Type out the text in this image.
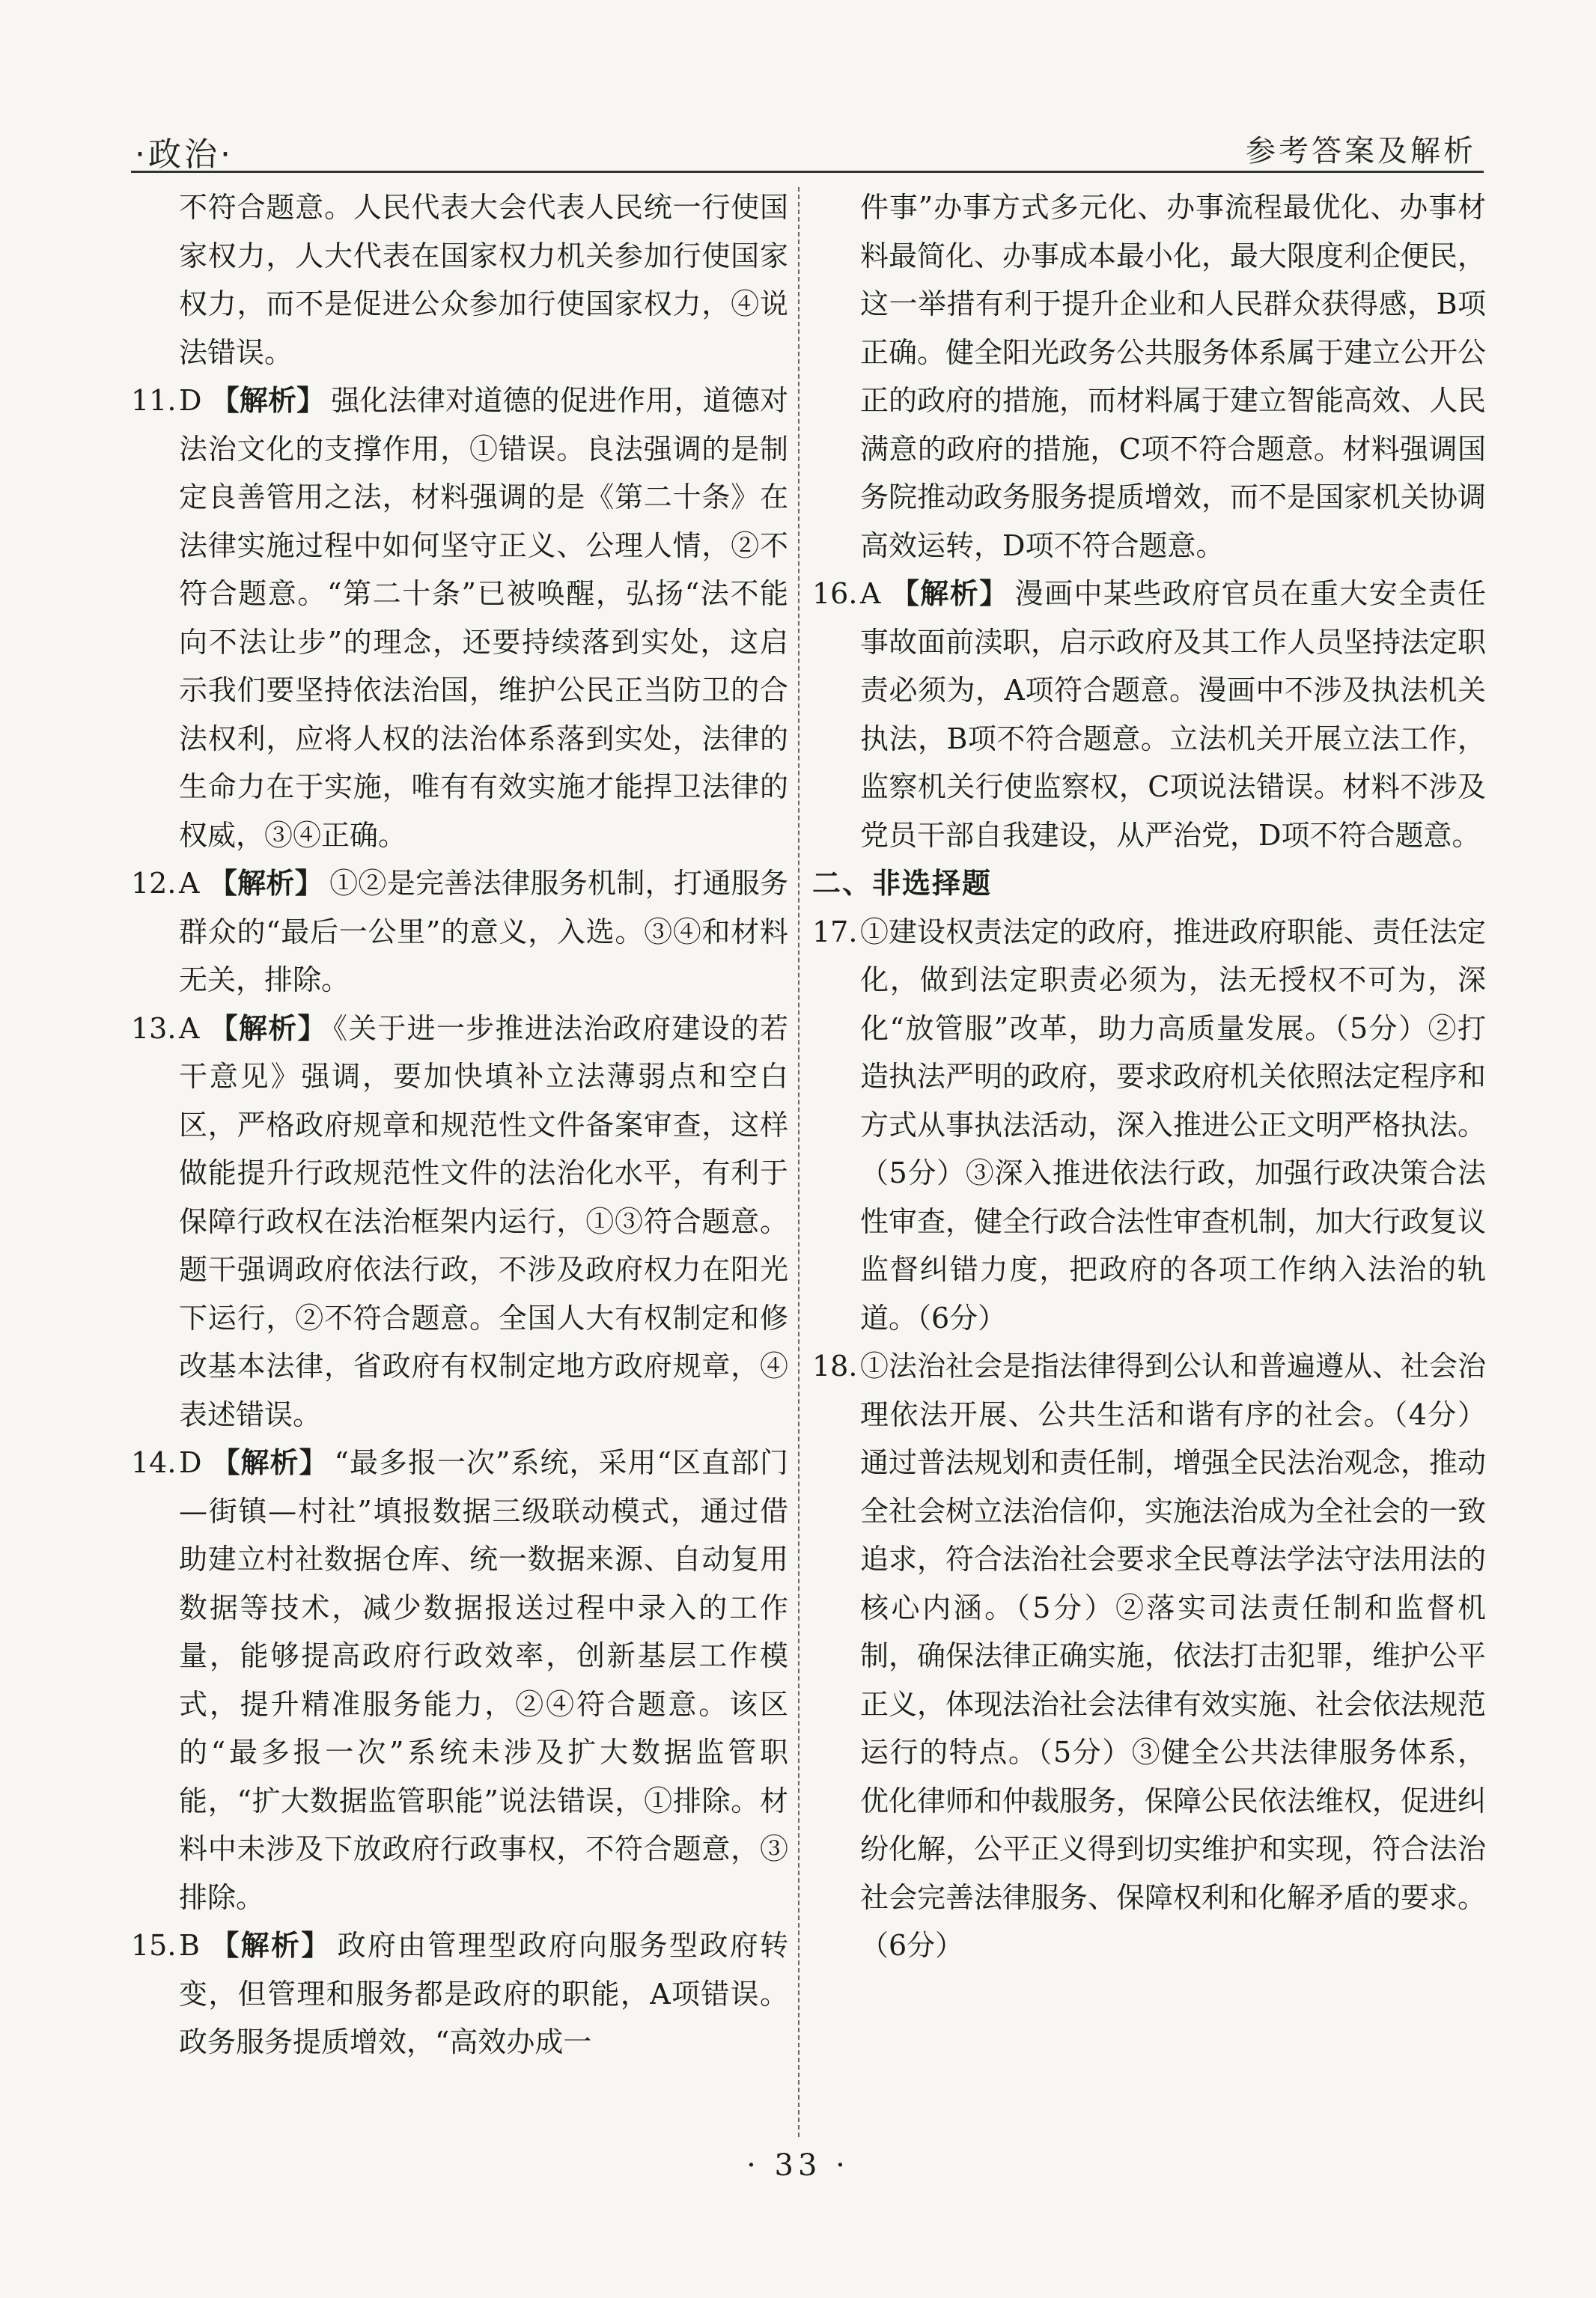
·政治·	参考答案及解析

不符合题意。人民代表大会代表人民统一行使国家权力，人大代表在国家权力机关参加行使国家权力，而不是促进公众参加行使国家权力，④说法错误。

11. D 【解析】 强化法律对道德的促进作用，道德对法治文化的支撑作用，①错误。良法强调的是制定良善管用之法，材料强调的是《第二十条》在法律实施过程中如何坚守正义、公理人情，②不符合题意。“第二十条”已被唤醒，弘扬“法不能向不法让步”的理念，还要持续落到实处，这启示我们要坚持依法治国，维护公民正当防卫的合法权利，应将人权的法治体系落到实处，法律的生命力在于实施，唯有有效实施才能捍卫法律的权威，③④正确。
12. A 【解析】 ①②是完善法律服务机制，打通服务群众的“最后一公里”的意义，入选。③④和材料无关，排除。
13. A 【解析】 《关于进一步推进法治政府建设的若干意见》强调，要加快填补立法薄弱点和空白区，严格政府规章和规范性文件备案审查，这样做能提升行政规范性文件的法治化水平，有利于保障行政权在法治框架内运行，①③符合题意。题干强调政府依法行政，不涉及政府权力在阳光下运行，②不符合题意。全国人大有权制定和修改基本法律，省政府有权制定地方政府规章，④表述错误。
14. D 【解析】 “最多报一次”系统，采用“区直部门—街镇—村社”填报数据三级联动模式，通过借助建立村社数据仓库、统一数据来源、自动复用数据等技术，减少数据报送过程中录入的工作量，能够提高政府行政效率，创新基层工作模式，提升精准服务能力，②④符合题意。该区的“最多报一次”系统未涉及扩大数据监管职能，“扩大数据监管职能”说法错误，①排除。材料中未涉及下放政府行政事权，不符合题意，③排除。
15. B 【解析】 政府由管理型政府向服务型政府转变，但管理和服务都是政府的职能，A项错误。政务服务提质增效，“高效办成一

件事”办事方式多元化、办事流程最优化、办事材料最简化、办事成本最小化，最大限度利企便民，这一举措有利于提升企业和人民群众获得感，B项正确。健全阳光政务公共服务体系属于建立公开公正的政府的措施，而材料属于建立智能高效、人民满意的政府的措施，C项不符合题意。材料强调国务院推动政务服务提质增效，而不是国家机关协调高效运转，D项不符合题意。

16. A 【解析】 漫画中某些政府官员在重大安全责任事故面前渎职，启示政府及其工作人员坚持法定职责必须为，A项符合题意。漫画中不涉及执法机关执法，B项不符合题意。立法机关开展立法工作，监察机关行使监察权，C项说法错误。材料不涉及党员干部自我建设，从严治党，D项不符合题意。

二、非选择题

17. ①建设权责法定的政府，推进政府职能、责任法定化，做到法定职责必须为，法无授权不可为，深化“放管服”改革，助力高质量发展。（5分）②打造执法严明的政府，要求政府机关依照法定程序和方式从事执法活动，深入推进公正文明严格执法。（5分）③深入推进依法行政，加强行政决策合法性审查，健全行政合法性审查机制，加大行政复议监督纠错力度，把政府的各项工作纳入法治的轨道。（6分）
18. ①法治社会是指法律得到公认和普遍遵从、社会治理依法开展、公共生活和谐有序的社会。（4分）通过普法规划和责任制，增强全民法治观念，推动全社会树立法治信仰，实施法治成为全社会的一致追求，符合法治社会要求全民尊法学法守法用法的核心内涵。（5分）②落实司法责任制和监督机制，确保法律正确实施，依法打击犯罪，维护公平正义，体现法治社会法律有效实施、社会依法规范运行的特点。（5分）③健全公共法律服务体系，优化律师和仲裁服务，保障公民依法维权，促进纠纷化解，公平正义得到切实维护和实现，符合法治社会完善法律服务、保障权利和化解矛盾的要求。（6分）
· 33 ·
